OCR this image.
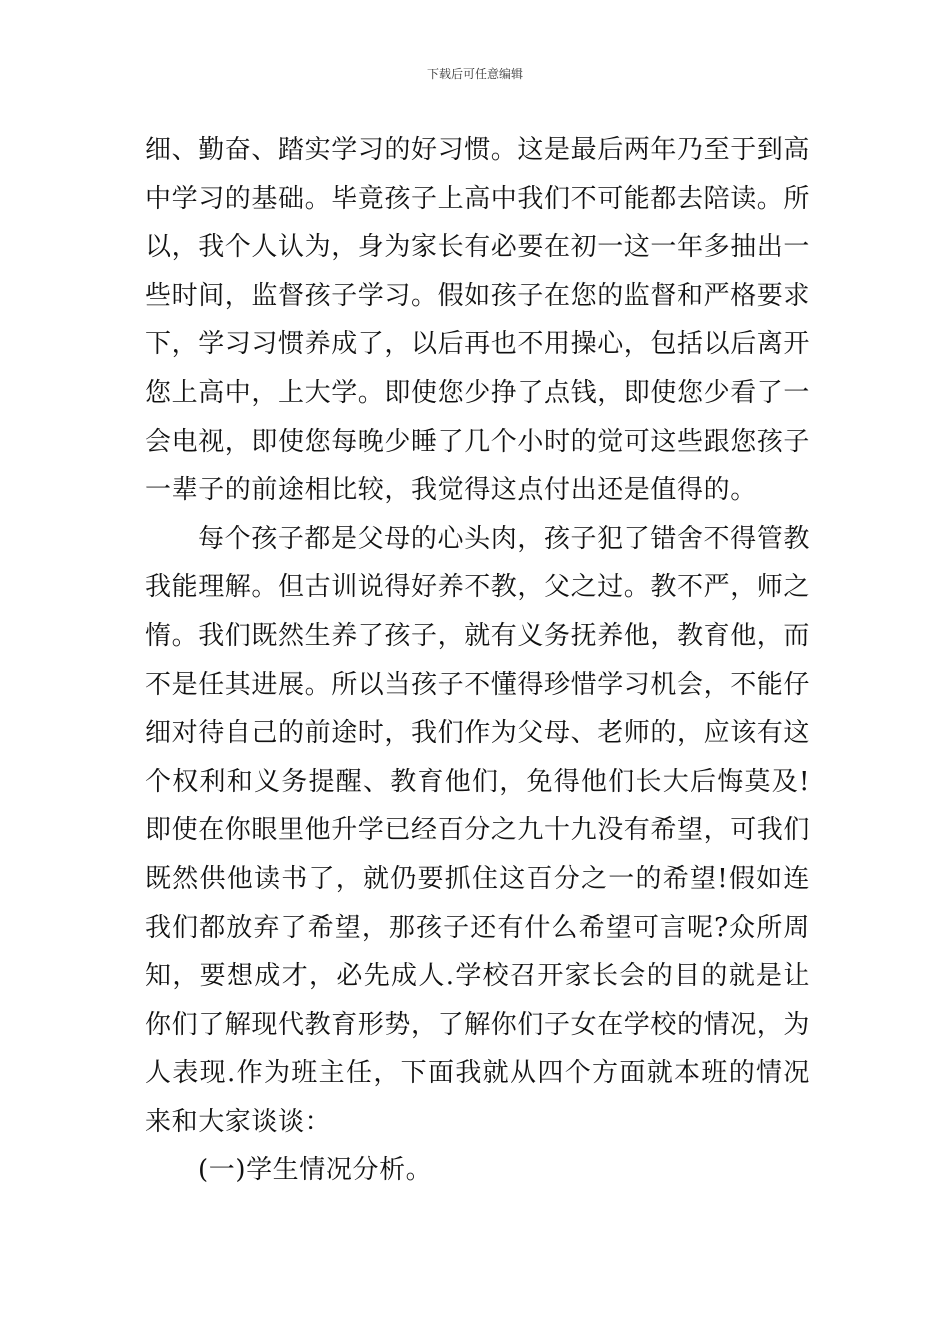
下载后可任意编辑

细、勤奋、踏实学习的好习惯。这是最后两年乃至于到高中学习的基础。毕竟孩子上高中我们不可能都去陪读。所以，我个人认为，身为家长有必要在初一这一年多抽出一些时间，监督孩子学习。假如孩子在您的监督和严格要求下，学习习惯养成了，以后再也不用操心，包括以后离开您上高中，上大学。即使您少挣了点钱，即使您少看了一会电视，即使您每晚少睡了几个小时的觉可这些跟您孩子一辈子的前途相比较，我觉得这点付出还是值得的。

每个孩子都是父母的心头肉，孩子犯了错舍不得管教我能理解。但古训说得好养不教，父之过。教不严，师之惰。我们既然生养了孩子，就有义务抚养他，教育他，而不是任其进展。所以当孩子不懂得珍惜学习机会，不能仔细对待自己的前途时，我们作为父母、老师的，应该有这个权利和义务提醒、教育他们，免得他们长大后悔莫及!即使在你眼里他升学已经百分之九十九没有希望，可我们既然供他读书了，就仍要抓住这百分之一的希望!假如连我们都放弃了希望，那孩子还有什么希望可言呢?众所周知，要想成才，必先成人.学校召开家长会的目的就是让你们了解现代教育形势，了解你们子女在学校的情况，为人表现.作为班主任，下面我就从四个方面就本班的情况来和大家谈谈：

(一)学生情况分析。
